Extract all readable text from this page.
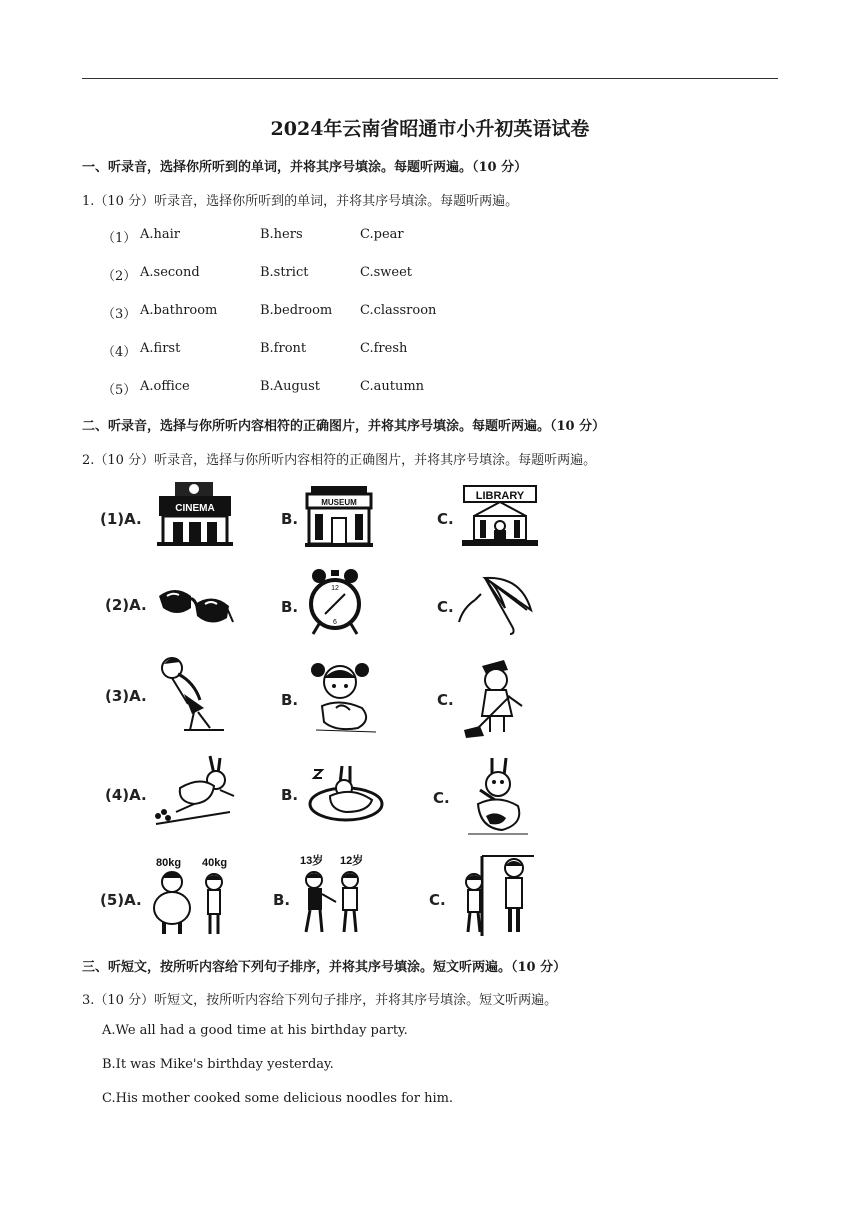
2024年云南省昭通市小升初英语试卷
一、听录音，选择你所听到的单词，并将其序号填涂。每题听两遍。（10 分）
1.（10 分）听录音，选择你所听到的单词，并将其序号填涂。每题听两遍。
（1） A.hair	B.hers	C.pear
（2） A.second	B.strict	C.sweet
（3） A.bathroom	B.bedroom C.classroon
（4） A.first	B.front	C.fresh
（5） A.office	B.August	C.autumn
二、听录音，选择与你所听内容相符的正确图片，并将其序号填涂。每题听两遍。（10 分）
2.（10 分）听录音，选择与你所听内容相符的正确图片，并将其序号填涂。每题听两遍。
(1)A.	B.	C.
CINEMA
MUSEUM
LIBRARY
(2)A.	B.	C.
12
6
(3)A.	B.	C.
(4)A.	B.	C.
(5)A.	B.	C.
80kg 40kg	13岁 12岁
三、听短文，按所听内容给下列句子排序，并将其序号填涂。短文听两遍。（10 分）
3.（10 分）听短文，按所听内容给下列句子排序，并将其序号填涂。短文听两遍。
A.We all had a good time at his birthday party.
B.It was Mike's birthday yesterday.
C.His mother cooked some delicious noodles for him.
